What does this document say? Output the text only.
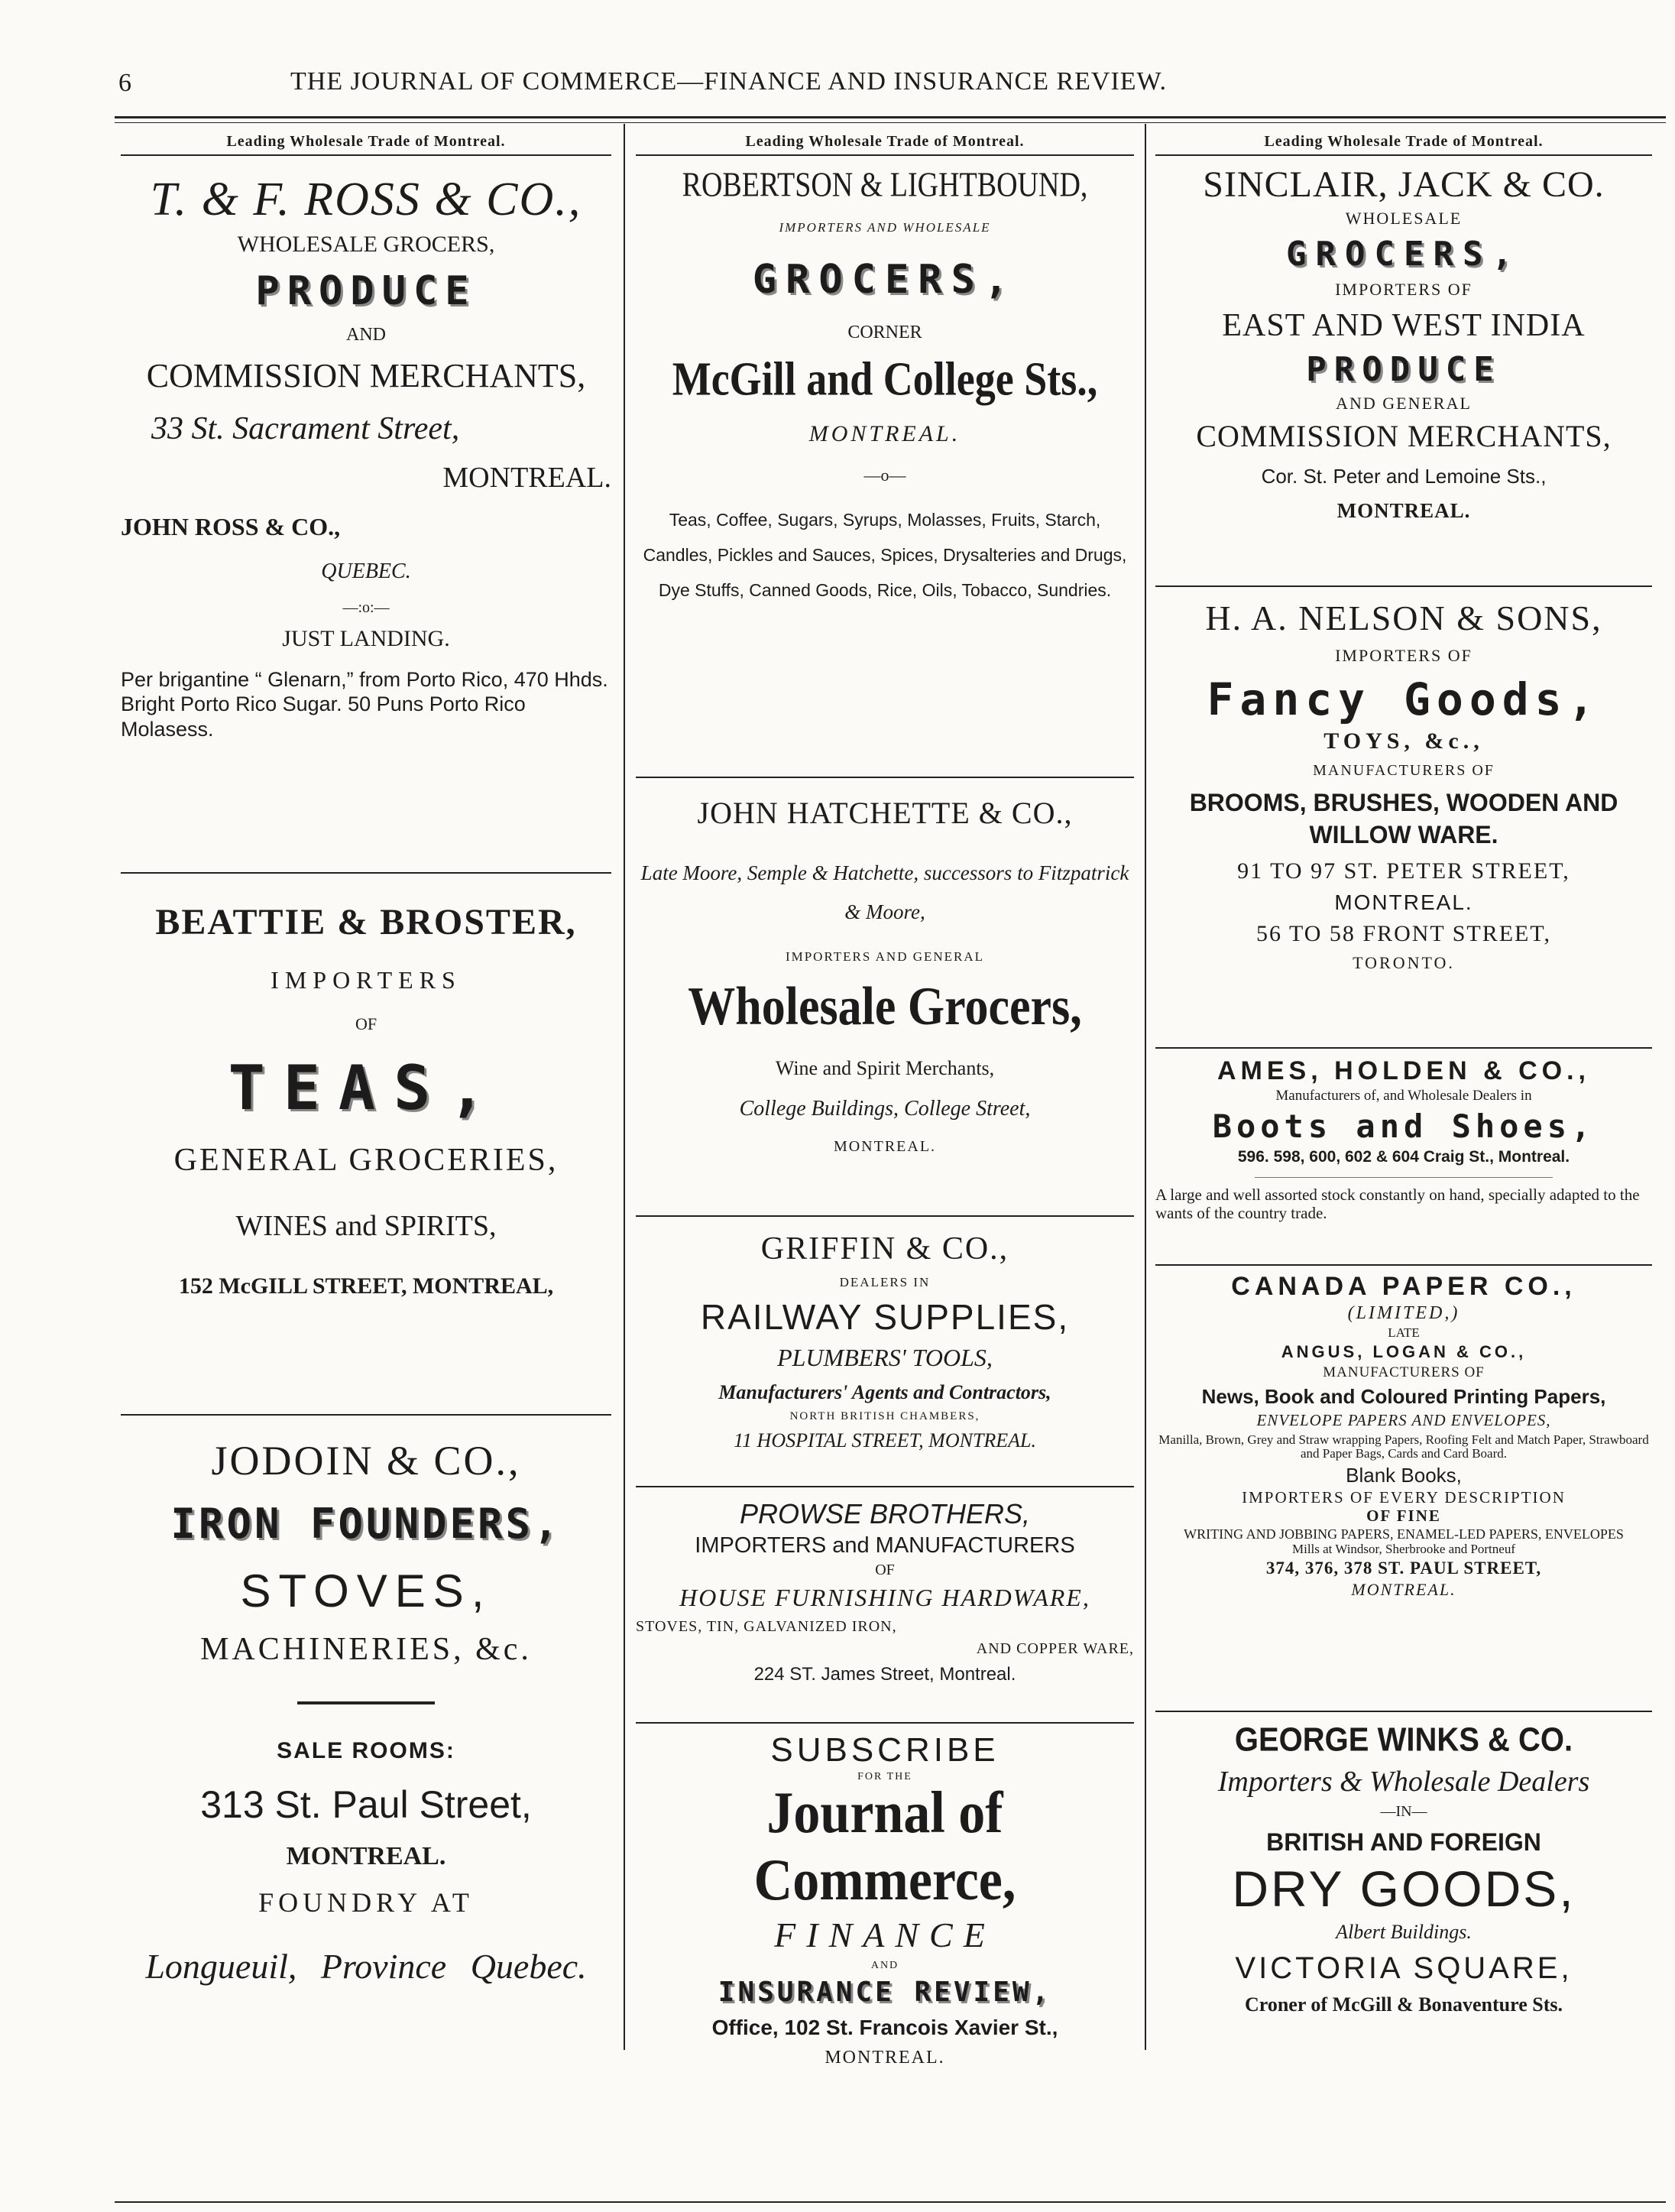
6	THE JOURNAL OF COMMERCE—FINANCE AND INSURANCE REVIEW.
Leading Wholesale Trade of Montreal.
T. & F. ROSS & CO.,
WHOLESALE GROCERS,
PRODUCE
AND
COMMISSION MERCHANTS,
33 St. Sacrament Street,
MONTREAL.
JOHN ROSS & CO.,
QUEBEC.
—:o:—
JUST LANDING.
Per brigantine “ Glenarn,” from Porto Rico, 470 Hhds. Bright Porto Rico Sugar. 50 Puns Porto Rico Molasess.
BEATTIE & BROSTER,
IMPORTERS
OF
TEAS,
GENERAL GROCERIES,
WINES and SPIRITS,
152 McGILL STREET, MONTREAL,
JODOIN & CO.,
IRON FOUNDERS,
STOVES,
MACHINERIES, &c.
SALE ROOMS:
313 St. Paul Street,
MONTREAL.
FOUNDRY AT
Longueuil, Province Quebec.
Leading Wholesale Trade of Montreal.
ROBERTSON & LIGHTBOUND,
IMPORTERS AND WHOLESALE
GROCERS,
CORNER
McGill and College Sts.,
MONTREAL.
—o—
Teas, Coffee, Sugars, Syrups, Molasses, Fruits, Starch, Candles, Pickles and Sauces, Spices, Drysalteries and Drugs, Dye Stuffs, Canned Goods, Rice, Oils, Tobacco, Sundries.
JOHN HATCHETTE & CO.,
Late Moore, Semple & Hatchette, successors to Fitzpatrick & Moore,
IMPORTERS AND GENERAL
Wholesale Grocers,
Wine and Spirit Merchants,
College Buildings, College Street,
MONTREAL.
GRIFFIN & CO.,
DEALERS IN
RAILWAY SUPPLIES,
PLUMBERS' TOOLS,
Manufacturers' Agents and Contractors,
NORTH BRITISH CHAMBERS,
11 HOSPITAL STREET, MONTREAL.
PROWSE BROTHERS,
IMPORTERS and MANUFACTURERS
OF
HOUSE FURNISHING HARDWARE,
STOVES, TIN, GALVANIZED IRON,
AND COPPER WARE,
224 ST. James Street, Montreal.
SUBSCRIBE
FOR THE
Journal of Commerce,
FINANCE
AND
INSURANCE REVIEW,
Office, 102 St. Francois Xavier St.,
MONTREAL.
Leading Wholesale Trade of Montreal.
SINCLAIR, JACK & CO.
WHOLESALE
GROCERS,
IMPORTERS OF
EAST AND WEST INDIA
PRODUCE
AND GENERAL
COMMISSION MERCHANTS,
Cor. St. Peter and Lemoine Sts.,
MONTREAL.
H. A. NELSON & SONS,
IMPORTERS OF
Fancy Goods,
TOYS, &c.,
MANUFACTURERS OF
BROOMS, BRUSHES, WOODEN AND WILLOW WARE.
91 TO 97 ST. PETER STREET,
MONTREAL.
56 TO 58 FRONT STREET,
TORONTO.
AMES, HOLDEN & CO.,
Manufacturers of, and Wholesale Dealers in
Boots and Shoes,
596. 598, 600, 602 & 604 Craig St., Montreal.
A large and well assorted stock constantly on hand, specially adapted to the wants of the country trade.
CANADA PAPER CO.,
(LIMITED,)
LATE
ANGUS, LOGAN & CO.,
MANUFACTURERS OF
News, Book and Coloured Printing Papers,
ENVELOPE PAPERS AND ENVELOPES,
Manilla, Brown, Grey and Straw wrapping Papers, Roofing Felt and Match Paper, Strawboard and Paper Bags, Cards and Card Board.
Blank Books,
IMPORTERS OF EVERY DESCRIPTION
OF FINE
WRITING AND JOBBING PAPERS, ENAMEL-LED PAPERS, ENVELOPES
Mills at Windsor, Sherbrooke and Portneuf
374, 376, 378 ST. PAUL STREET,
MONTREAL.
GEORGE WINKS & CO.
Importers & Wholesale Dealers
—IN—
BRITISH AND FOREIGN
DRY GOODS,
Albert Buildings.
VICTORIA SQUARE,
Croner of McGill & Bonaventure Sts.
